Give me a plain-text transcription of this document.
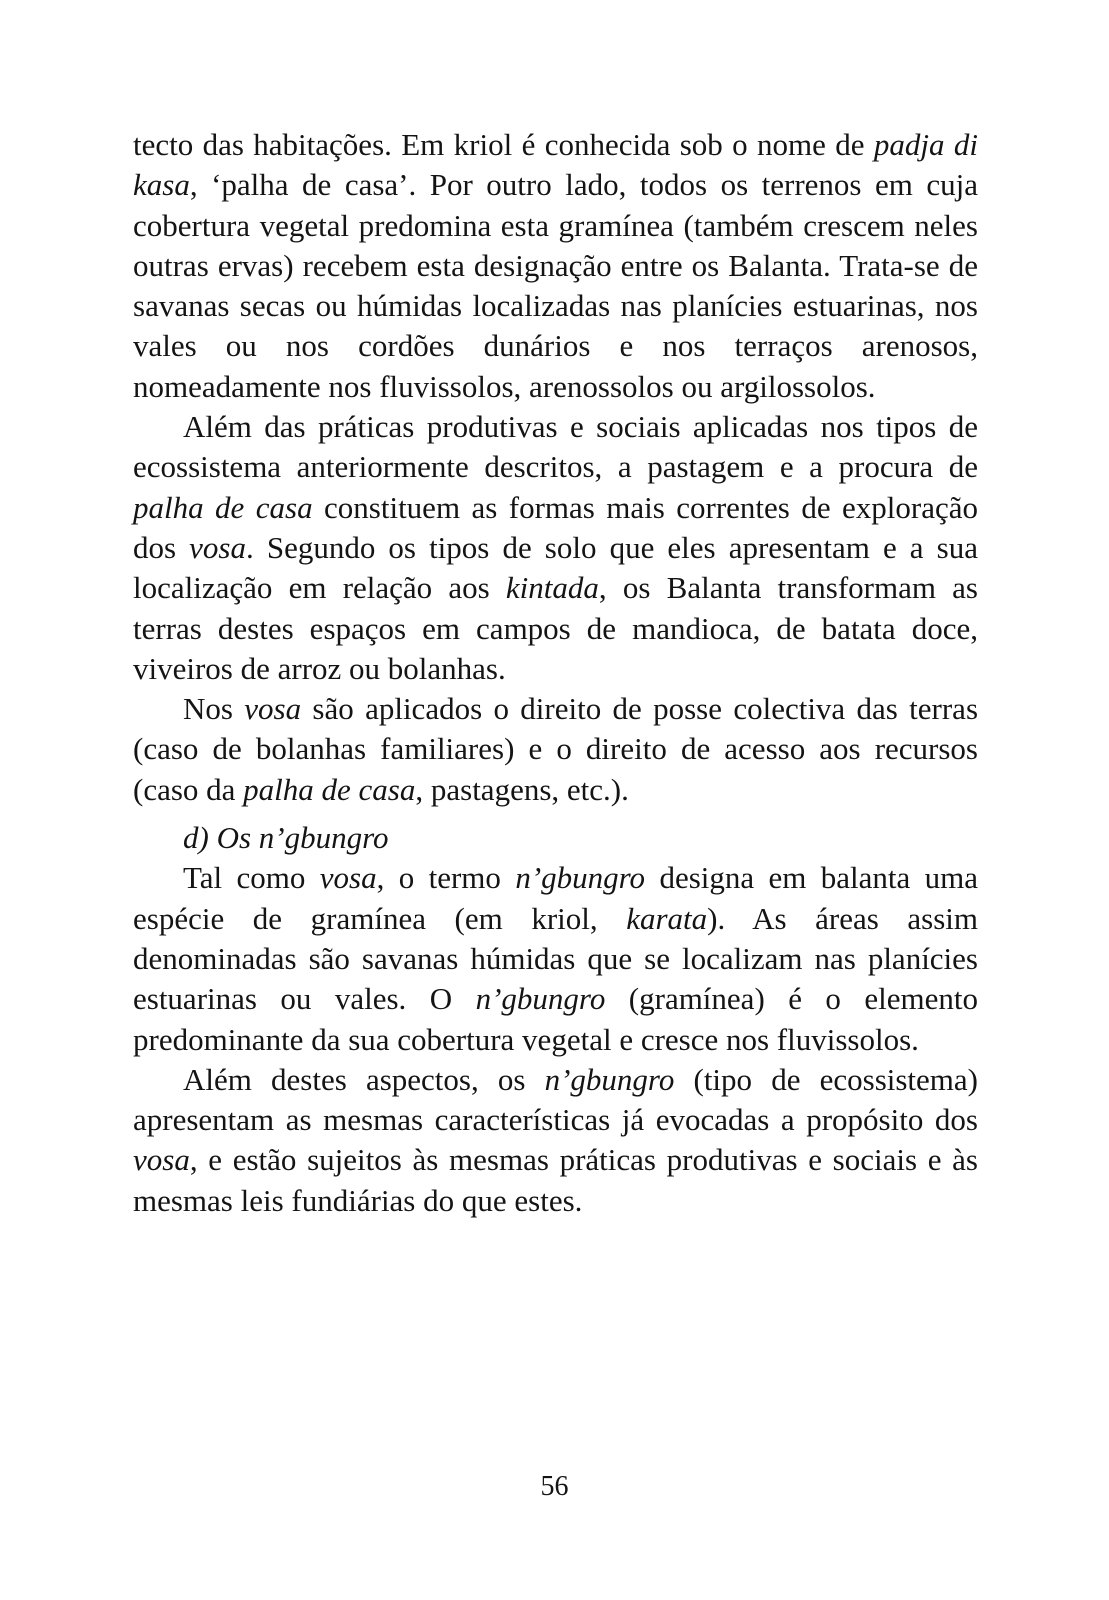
tecto das habitações. Em kriol é conhecida sob o nome de padja di kasa, ‘palha de casa’. Por outro lado, todos os terrenos em cuja cobertura vegetal predomina esta gramínea (também crescem neles outras ervas) recebem esta designação entre os Balanta. Trata-se de savanas secas ou húmidas localizadas nas planícies estuarinas, nos vales ou nos cordões dunários e nos terraços arenosos, nomeadamente nos fluvissolos, arenossolos ou argilossolos.

Além das práticas produtivas e sociais aplicadas nos tipos de ecossistema anteriormente descritos, a pastagem e a procura de palha de casa constituem as formas mais correntes de exploração dos vosa. Segundo os tipos de solo que eles apresentam e a sua localização em relação aos kintada, os Balanta transformam as terras destes espaços em campos de mandioca, de batata doce, viveiros de arroz ou bolanhas.

Nos vosa são aplicados o direito de posse colectiva das terras (caso de bolanhas familiares) e o direito de acesso aos recursos (caso da palha de casa, pastagens, etc.).

d) Os n’gbungro

Tal como vosa, o termo n’gbungro designa em balanta uma espécie de gramínea (em kriol, karata). As áreas assim denominadas são savanas húmidas que se localizam nas planícies estuarinas ou vales. O n’gbungro (gramínea) é o elemento predominante da sua cobertura vegetal e cresce nos fluvissolos.

Além destes aspectos, os n’gbungro (tipo de ecossistema) apresentam as mesmas características já evocadas a propósito dos vosa, e estão sujeitos às mesmas práticas produtivas e sociais e às mesmas leis fundiárias do que estes.

56
